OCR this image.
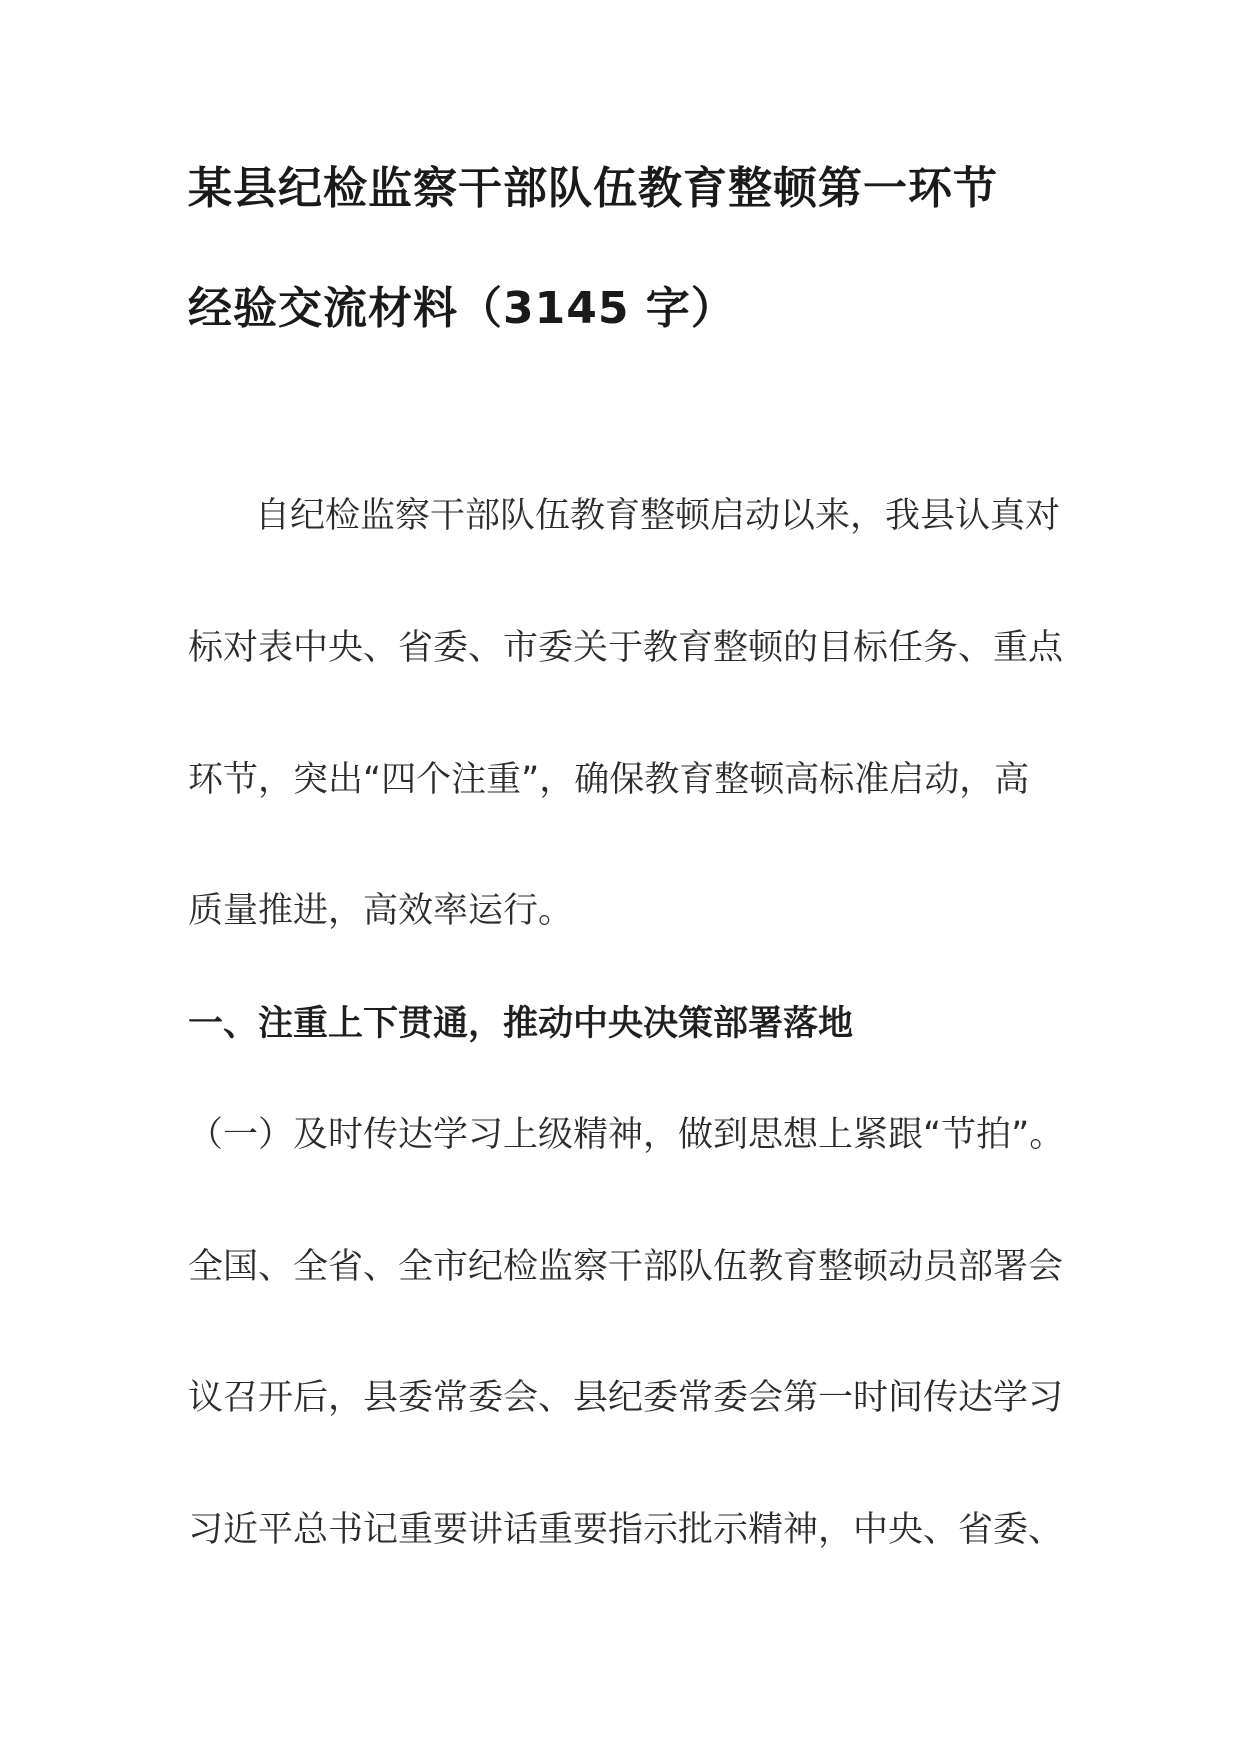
某县纪检监察干部队伍教育整顿第一环节
经验交流材料（3145 字）
自纪检监察干部队伍教育整顿启动以来，我县认真对
标对表中央、省委、市委关于教育整顿的目标任务、重点
环节，突出“四个注重”，确保教育整顿高标准启动，高
质量推进，高效率运行。
一、注重上下贯通，推动中央决策部署落地
（一）及时传达学习上级精神，做到思想上紧跟“节拍”。
全国、全省、全市纪检监察干部队伍教育整顿动员部署会
议召开后，县委常委会、县纪委常委会第一时间传达学习
习近平总书记重要讲话重要指示批示精神，中央、省委、
